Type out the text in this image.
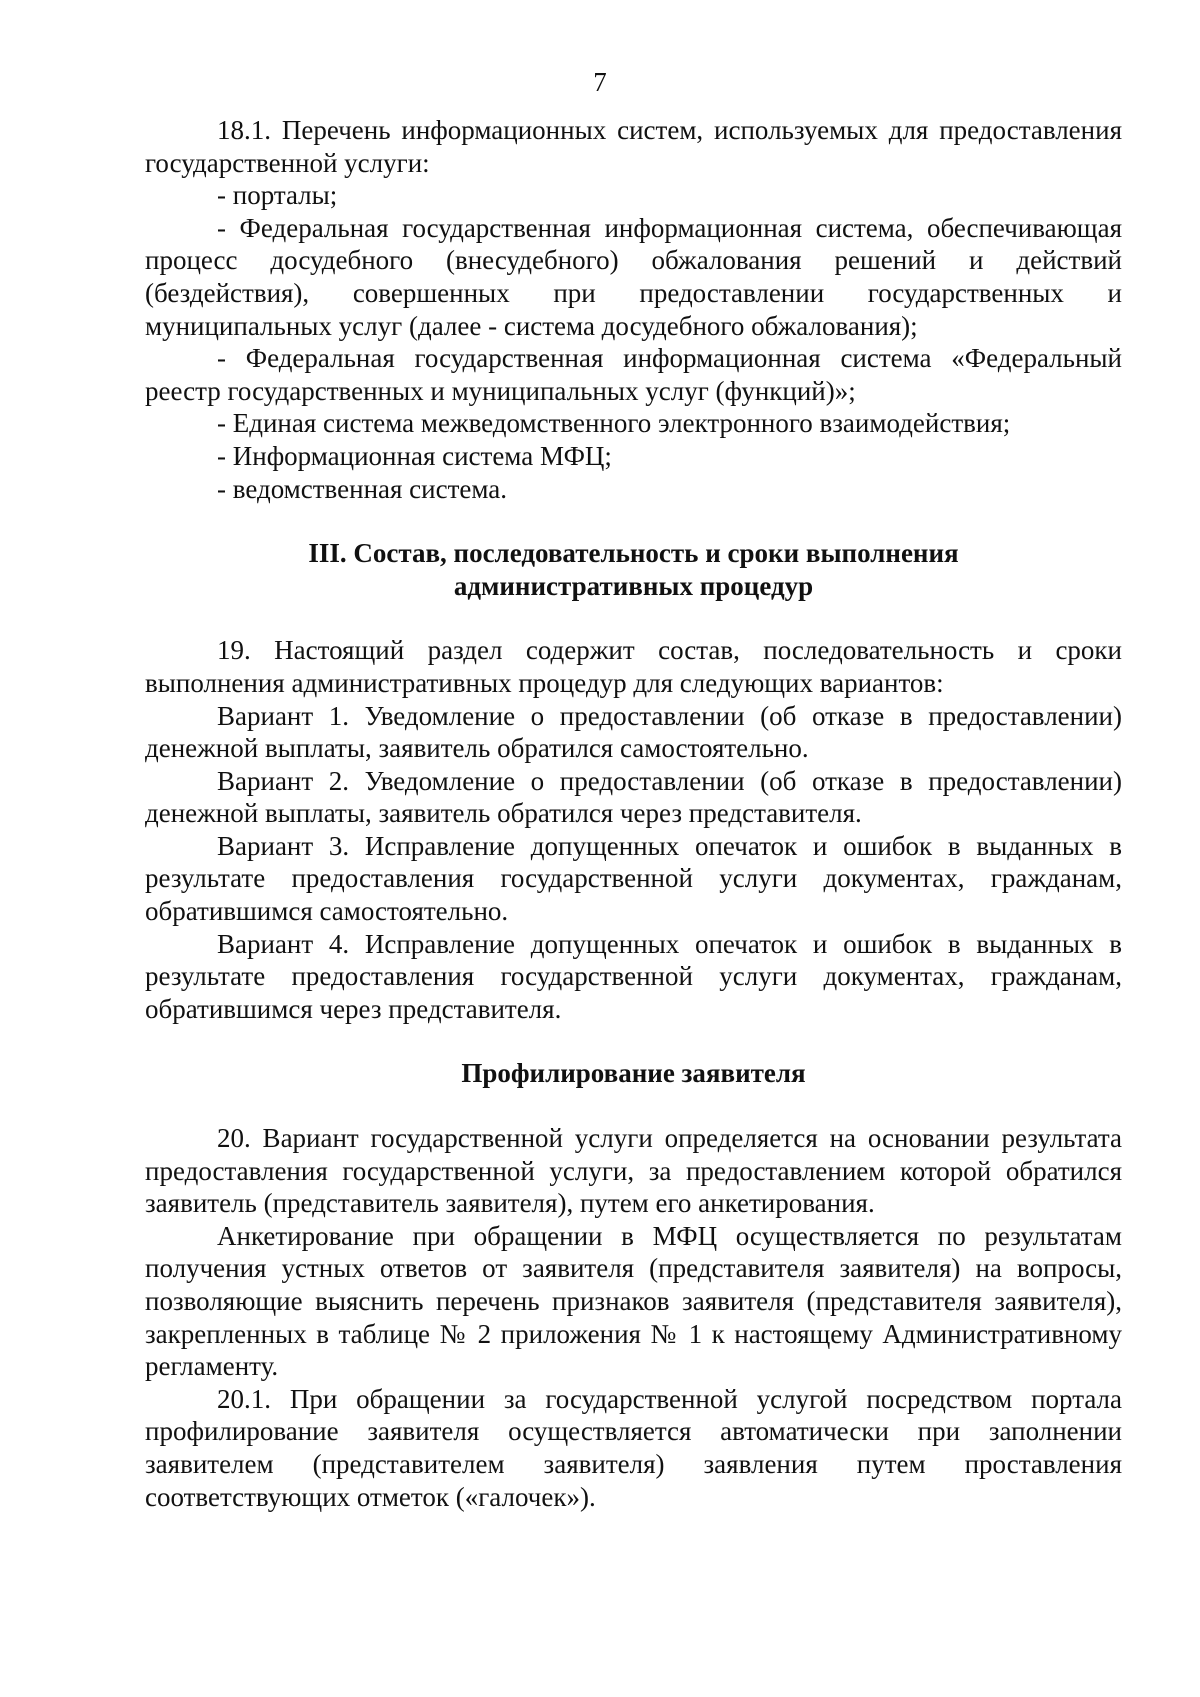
7

18.1. Перечень информационных систем, используемых для предоставления государственной услуги:

- порталы;

- Федеральная государственная информационная система, обеспечивающая процесс досудебного (внесудебного) обжалования решений и действий (бездействия), совершенных при предоставлении государственных и муниципальных услуг (далее - система досудебного обжалования);

- Федеральная государственная информационная система «Федеральный реестр государственных и муниципальных услуг (функций)»;

- Единая система межведомственного электронного взаимодействия;

- Информационная система МФЦ;

- ведомственная система.

III. Состав, последовательность и сроки выполнения
административных процедур

19. Настоящий раздел содержит состав, последовательность и сроки выполнения административных процедур для следующих вариантов:

Вариант 1. Уведомление о предоставлении (об отказе в предоставлении) денежной выплаты, заявитель обратился самостоятельно.

Вариант 2. Уведомление о предоставлении (об отказе в предоставлении) денежной выплаты, заявитель обратился через представителя.

Вариант 3. Исправление допущенных опечаток и ошибок в выданных в результате предоставления государственной услуги документах, гражданам, обратившимся самостоятельно.

Вариант 4. Исправление допущенных опечаток и ошибок в выданных в результате предоставления государственной услуги документах, гражданам, обратившимся через представителя.

Профилирование заявителя

20. Вариант государственной услуги определяется на основании результата предоставления государственной услуги, за предоставлением которой обратился заявитель (представитель заявителя), путем его анкетирования.

Анкетирование при обращении в МФЦ осуществляется по результатам получения устных ответов от заявителя (представителя заявителя) на вопросы, позволяющие выяснить перечень признаков заявителя (представителя заявителя), закрепленных в таблице № 2 приложения № 1 к настоящему Административному регламенту.

20.1. При обращении за государственной услугой посредством портала профилирование заявителя осуществляется автоматически при заполнении заявителем (представителем заявителя) заявления путем проставления соответствующих отметок («галочек»).
